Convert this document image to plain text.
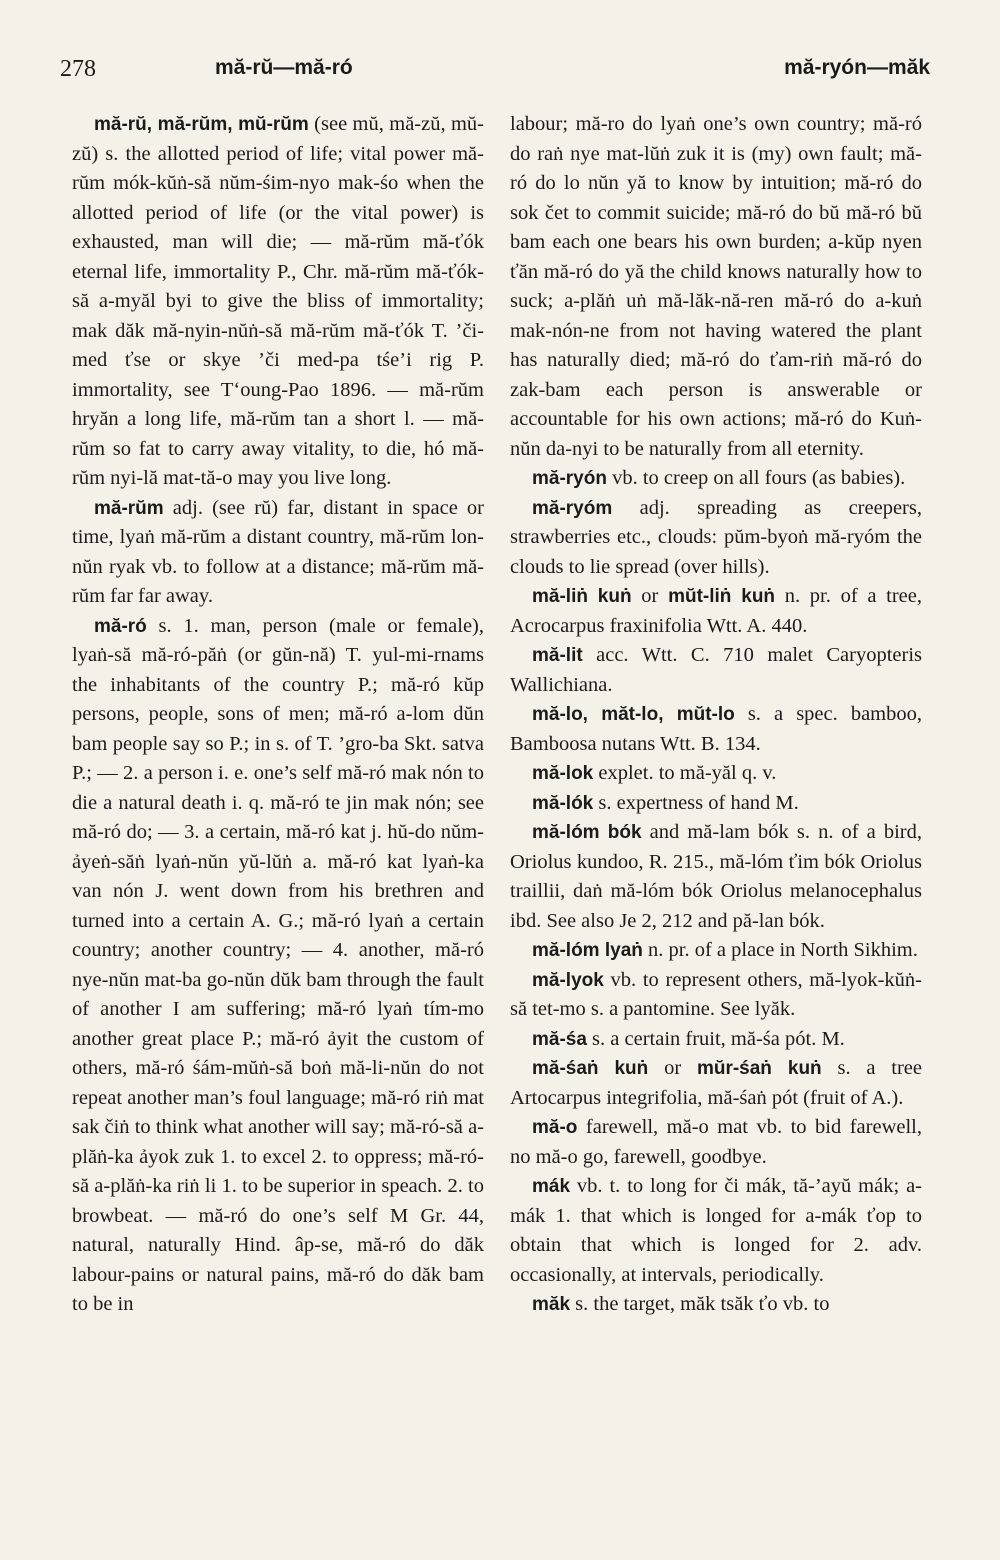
278	mă-rŭ—mă-ró	mă-ryón—măk

mă-rŭ, mă-rŭm, mŭ-rŭm (see mŭ, mă-zŭ, mŭ-zŭ) s. the allotted period of life; vital power mă-rŭm mók-kŭṅ-să nŭm-śim-nyo mak-śo when the allotted period of life (or the vital power) is exhausted, man will die; — mă-rŭm mă-ťók eternal life, immortality P., Chr. mă-rŭm mă-ťók-să a-myăl byi to give the bliss of immortality; mak dăk mă-nyin-nŭṅ-să mă-rŭm mă-ťók T. ’či-med ťse or skye ’či med-pa tśe’i rig P. immortality, see T‘oung-Pao 1896. — mă-rŭm hryăn a long life, mă-rŭm tan a short l. — mă-rŭm so fat to carry away vitality, to die, hó mă-rŭm nyi-lă mat-tă-o may you live long.

mă-rŭm adj. (see rŭ) far, distant in space or time, lyaṅ mă-rŭm a distant country, mă-rŭm lon-nŭn ryak vb. to follow at a distance; mă-rŭm mă-rŭm far far away.

mă-ró s. 1. man, person (male or female), lyaṅ-să mă-ró-păṅ (or gŭn-nă) T. yul-mi-rnams the inhabitants of the country P.; mă-ró kŭp persons, people, sons of men; mă-ró a-lom dŭn bam people say so P.; in s. of T. ’gro-ba Skt. satva P.; — 2. a person i. e. one’s self mă-ró mak nón to die a natural death i. q. mă-ró te jin mak nón; see mă-ró do; — 3. a certain, mă-ró kat j. hŭ-do nŭm-ảyeṅ-săṅ lyaṅ-nŭn yŭ-lŭṅ a. mă-ró kat lyaṅ-ka van nón J. went down from his brethren and turned into a certain A. G.; mă-ró lyaṅ a certain country; another country; — 4. another, mă-ró nye-nŭn mat-ba go-nŭn dŭk bam through the fault of another I am suffering; mă-ró lyaṅ tím-mo another great place P.; mă-ró ảyit the custom of others, mă-ró śám-mŭṅ-să boṅ mă-li-nŭn do not repeat another man’s foul language; mă-ró riṅ mat sak čiṅ to think what another will say; mă-ró-să a-plăṅ-ka ảyok zuk 1. to excel 2. to oppress; mă-ró-să a-plăṅ-ka riṅ li 1. to be superior in speach. 2. to browbeat. — mă-ró do one’s self M Gr. 44, natural, naturally Hind. âp-se, mă-ró do dăk labour-pains or natural pains, mă-ró do dăk bam to be in

labour; mă-ro do lyaṅ one’s own country; mă-ró do raṅ nye mat-lŭṅ zuk it is (my) own fault; mă-ró do lo nŭn yă to know by intuition; mă-ró do sok čet to commit suicide; mă-ró do bŭ mă-ró bŭ bam each one bears his own burden; a-kŭp nyen ťăn mă-ró do yă the child knows naturally how to suck; a-plăṅ uṅ mă-lăk-nă-ren mă-ró do a-kuṅ mak-nón-ne from not having watered the plant has naturally died; mă-ró do ťam-riṅ mă-ró do zak-bam each person is answerable or accountable for his own actions; mă-ró do Kuṅ-nŭn da-nyi to be naturally from all eternity.

mă-ryón vb. to creep on all fours (as babies).

mă-ryóm adj. spreading as creepers, strawberries etc., clouds: pŭm-byoṅ mă-ryóm the clouds to lie spread (over hills).

mă-liṅ kuṅ or mŭt-liṅ kuṅ n. pr. of a tree, Acrocarpus fraxinifolia Wtt. A. 440.

mă-lit acc. Wtt. C. 710 malet Caryopteris Wallichiana.

mă-lo, măt-lo, mŭt-lo s. a spec. bamboo, Bamboosa nutans Wtt. B. 134.

mă-lok explet. to mă-yăl q. v.

mă-lók s. expertness of hand M.

mă-lóm bók and mă-lam bók s. n. of a bird, Oriolus kundoo, R. 215., mă-lóm ťim bók Oriolus traillii, daṅ mă-lóm bók Oriolus melanocephalus ibd. See also Je 2, 212 and pă-lan bók.

mă-lóm lyaṅ n. pr. of a place in North Sikhim.

mă-lyok vb. to represent others, mă-lyok-kŭṅ-să tet-mo s. a pantomine. See lyăk.

mă-śa s. a certain fruit, mă-śa pót. M.

mă-śaṅ kuṅ or mŭr-śaṅ kuṅ s. a tree Artocarpus integrifolia, mă-śaṅ pót (fruit of A.).

mă-o farewell, mă-o mat vb. to bid farewell, no mă-o go, farewell, goodbye.

mák vb. t. to long for či mák, tă-’ayŭ mák; a-mák 1. that which is longed for a-mák ťop to obtain that which is longed for 2. adv. occasionally, at intervals, periodically.

măk s. the target, măk tsăk ťo vb. to
